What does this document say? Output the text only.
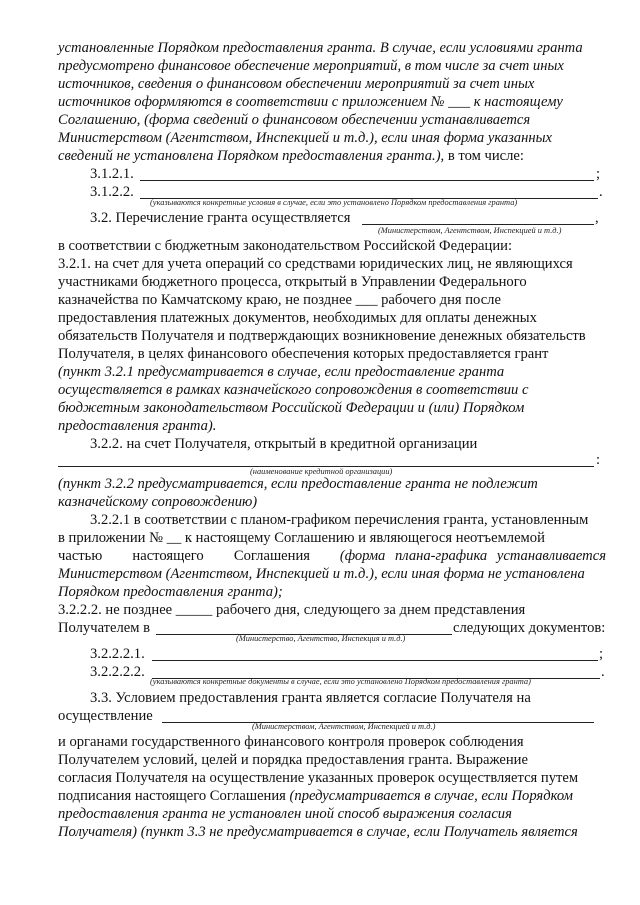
установленные Порядком предоставления гранта. В случае, если условиями гранта
предусмотрено финансовое обеспечение мероприятий, в том числе за счет иных
источников, сведения о финансовом обеспечении мероприятий за счет иных
источников оформляются в соответствии с приложением № ___ к настоящему
Соглашению, (форма сведений о финансовом обеспечении устанавливается
Министерством (Агентством, Инспекцией и т.д.), если иная форма указанных
сведений не установлена Порядком предоставления гранта.), в том числе:
3.1.2.1.	;
3.1.2.2.	.
(указываются конкретные условия в случае, если это установлено Порядком предоставления гранта)
3.2. Перечисление гранта осуществляется	,
(Министерством, Агентством, Инспекцией и т.д.)
в соответствии с бюджетным законодательством Российской Федерации:
3.2.1. на счет для учета операций со средствами юридических лиц, не являющихся
участниками бюджетного процесса, открытый в Управлении Федерального
казначейства по Камчатскому краю, не позднее ___ рабочего дня после
предоставления платежных документов, необходимых для оплаты денежных
обязательств Получателя и подтверждающих возникновение денежных обязательств
Получателя, в целях финансового обеспечения которых предоставляется грант
(пункт 3.2.1 предусматривается в случае, если предоставление гранта
осуществляется в рамках казначейского сопровождения в соответствии с
бюджетным законодательством Российской Федерации и (или) Порядком
предоставления гранта).
3.2.2. на счет Получателя, открытый в кредитной организации
:
(наименование кредитной организации)
(пункт 3.2.2 предусматривается, если предоставление гранта не подлежит
казначейскому сопровождению)
3.2.2.1 в соответствии с планом-графиком перечисления гранта, установленным
в приложении № __ к настоящему Соглашению и являющегося неотъемлемой
частью настоящего Соглашения (форма плана-графика устанавливается
Министерством (Агентством, Инспекцией и т.д.), если иная форма не установлена
Порядком предоставления гранта);
3.2.2.2. не позднее _____ рабочего дня, следующего за днем представления
Получателем в	следующих документов:
(Министерство, Агентство, Инспекция и т.д.)
3.2.2.2.1.	;
3.2.2.2.2.	.
(указываются конкретные документы в случае, если это установлено Порядком предоставления гранта)
3.3. Условием предоставления гранта является согласие Получателя на
осуществление
(Министерством, Агентством, Инспекцией и т.д.)
и органами государственного финансового контроля проверок соблюдения
Получателем условий, целей и порядка предоставления гранта. Выражение
согласия Получателя на осуществление указанных проверок осуществляется путем
подписания настоящего Соглашения (предусматривается в случае, если Порядком
предоставления гранта не установлен иной способ выражения согласия
Получателя) (пункт 3.3 не предусматривается в случае, если Получатель является
